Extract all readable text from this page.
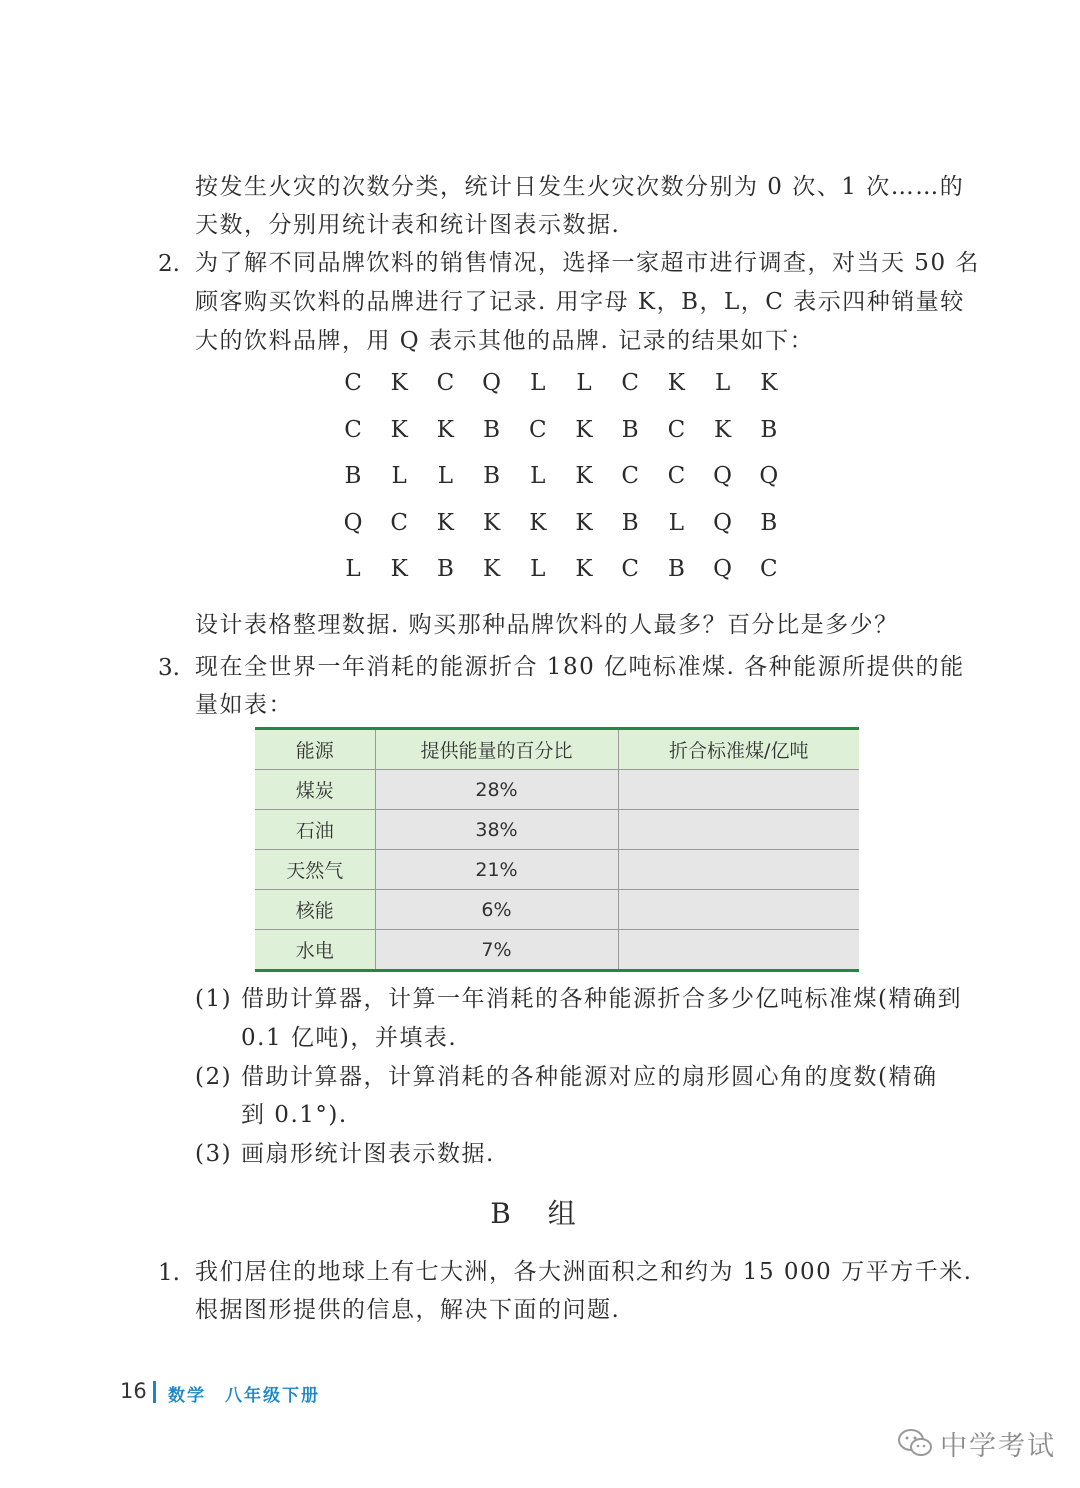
按发生火灾的次数分类，统计日发生火灾次数分别为 0 次、1 次……的
天数，分别用统计表和统计图表示数据.
2. 为了解不同品牌饮料的销售情况，选择一家超市进行调查，对当天 50 名
顾客购买饮料的品牌进行了记录. 用字母 K，B，L，C 表示四种销量较
大的饮料品牌，用 Q 表示其他的品牌. 记录的结果如下：
C	K	C	Q	L	L	C	K	L	K
C	K	K	B	C	K	B	C	K	B
B	L	L	B	L	K	C	C	Q	Q
Q	C	K	K	K	K	B	L	Q	B
L	K	B	K	L	K	C	B	Q	C
设计表格整理数据. 购买那种品牌饮料的人最多？百分比是多少？
3. 现在全世界一年消耗的能源折合 180 亿吨标准煤. 各种能源所提供的能
量如表：
能源	提供能量的百分比	折合标准煤/亿吨
煤炭	28%	
石油	38%	
天然气	21%	
核能	6%	
水电	7%	
(1) 借助计算器，计算一年消耗的各种能源折合多少亿吨标准煤(精确到
0.1 亿吨)，并填表.
(2) 借助计算器，计算消耗的各种能源对应的扇形圆心角的度数(精确
到 0.1°).
(3) 画扇形统计图表示数据.
B 组
1. 我们居住的地球上有七大洲，各大洲面积之和约为 15 000 万平方千米.
根据图形提供的信息，解决下面的问题.
16 数学　八年级下册
中学考试
